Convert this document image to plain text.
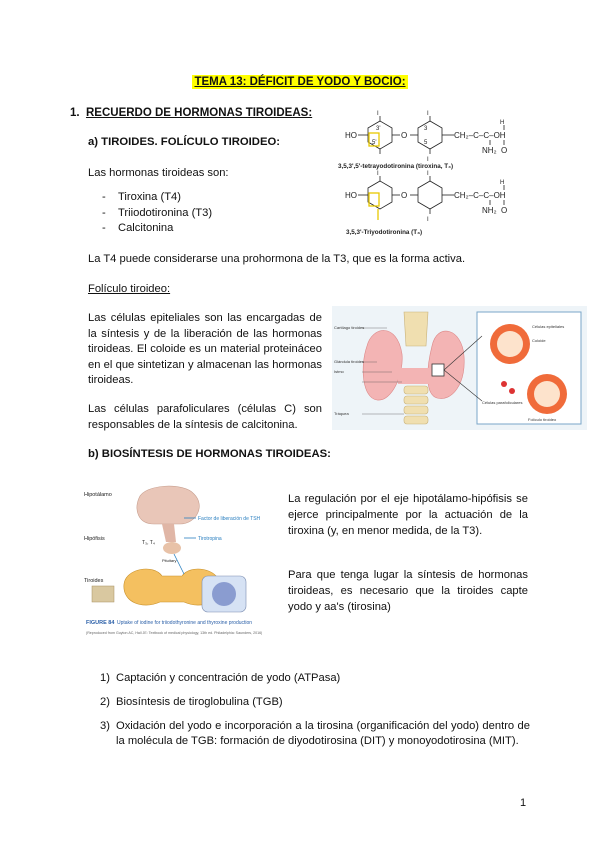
TEMA 13: DÉFICIT DE YODO Y BOCIO:
1. RECUERDO DE HORMONAS TIROIDEAS:
a) TIROIDES. FOLÍCULO TIROIDEO:
Las hormonas tiroideas son:
- Tiroxina (T4)
- Triiodotironina (T3)
- Calcitonina
HO	O	CH₂–C–C–OH
NH₂ O
I	I
I
3'
5'
3
5
H
3,5,3',5'-tetrayodotironina (tiroxina, T₄)
HO	O	CH₂–C–C–OH
NH₂ O
I	I
I
H
3,5,3'-Triyodotironina (T₃)
La T4 puede considerarse una prohormona de la T3, que es la forma activa.
Folículo tiroideo:
Las células epiteliales son las encargadas de la síntesis y de la liberación de las hormonas tiroideas. El coloide es un material proteináceo en el que sintetizan y almacenan las hormonas tiroideas.
Las células parafoliculares (células C) son responsables de la síntesis de calcitonina.
Cartílago tiroides
Glándula tiroides
Istmo
Tráquea
Células epiteliales
Coloide
Células parafoliculares
Folículo tiroideo
b) BIOSÍNTESIS DE HORMONAS TIROIDEAS:
Hipotálamo
Hipófisis
Tiroides
Factor de liberación de TSH
Tirotropina
Pituitary
T₃, T₄
FIGURE 84 Uptake of iodine for triiodothyronine and thyroxine production
(Reproduced from Guyton AC, Hall JE: Textbook of medical physiology, 13th ed. Philadelphia: Saunders, 2016)
La regulación por el eje hipotálamo-hipófisis se ejerce principalmente por la actuación de la tiroxina (y, en menor medida, de la T3).
Para que tenga lugar la síntesis de hormonas tiroideas, es necesario que la tiroides capte yodo y aa's (tirosina)
1) Captación y concentración de yodo (ATPasa)
2) Biosíntesis de tiroglobulina (TGB)
3) Oxidación del yodo e incorporación a la tirosina (organificación del yodo) dentro de la molécula de TGB: formación de diyodotirosina (DIT) y monoyodotirosina (MIT).
1
